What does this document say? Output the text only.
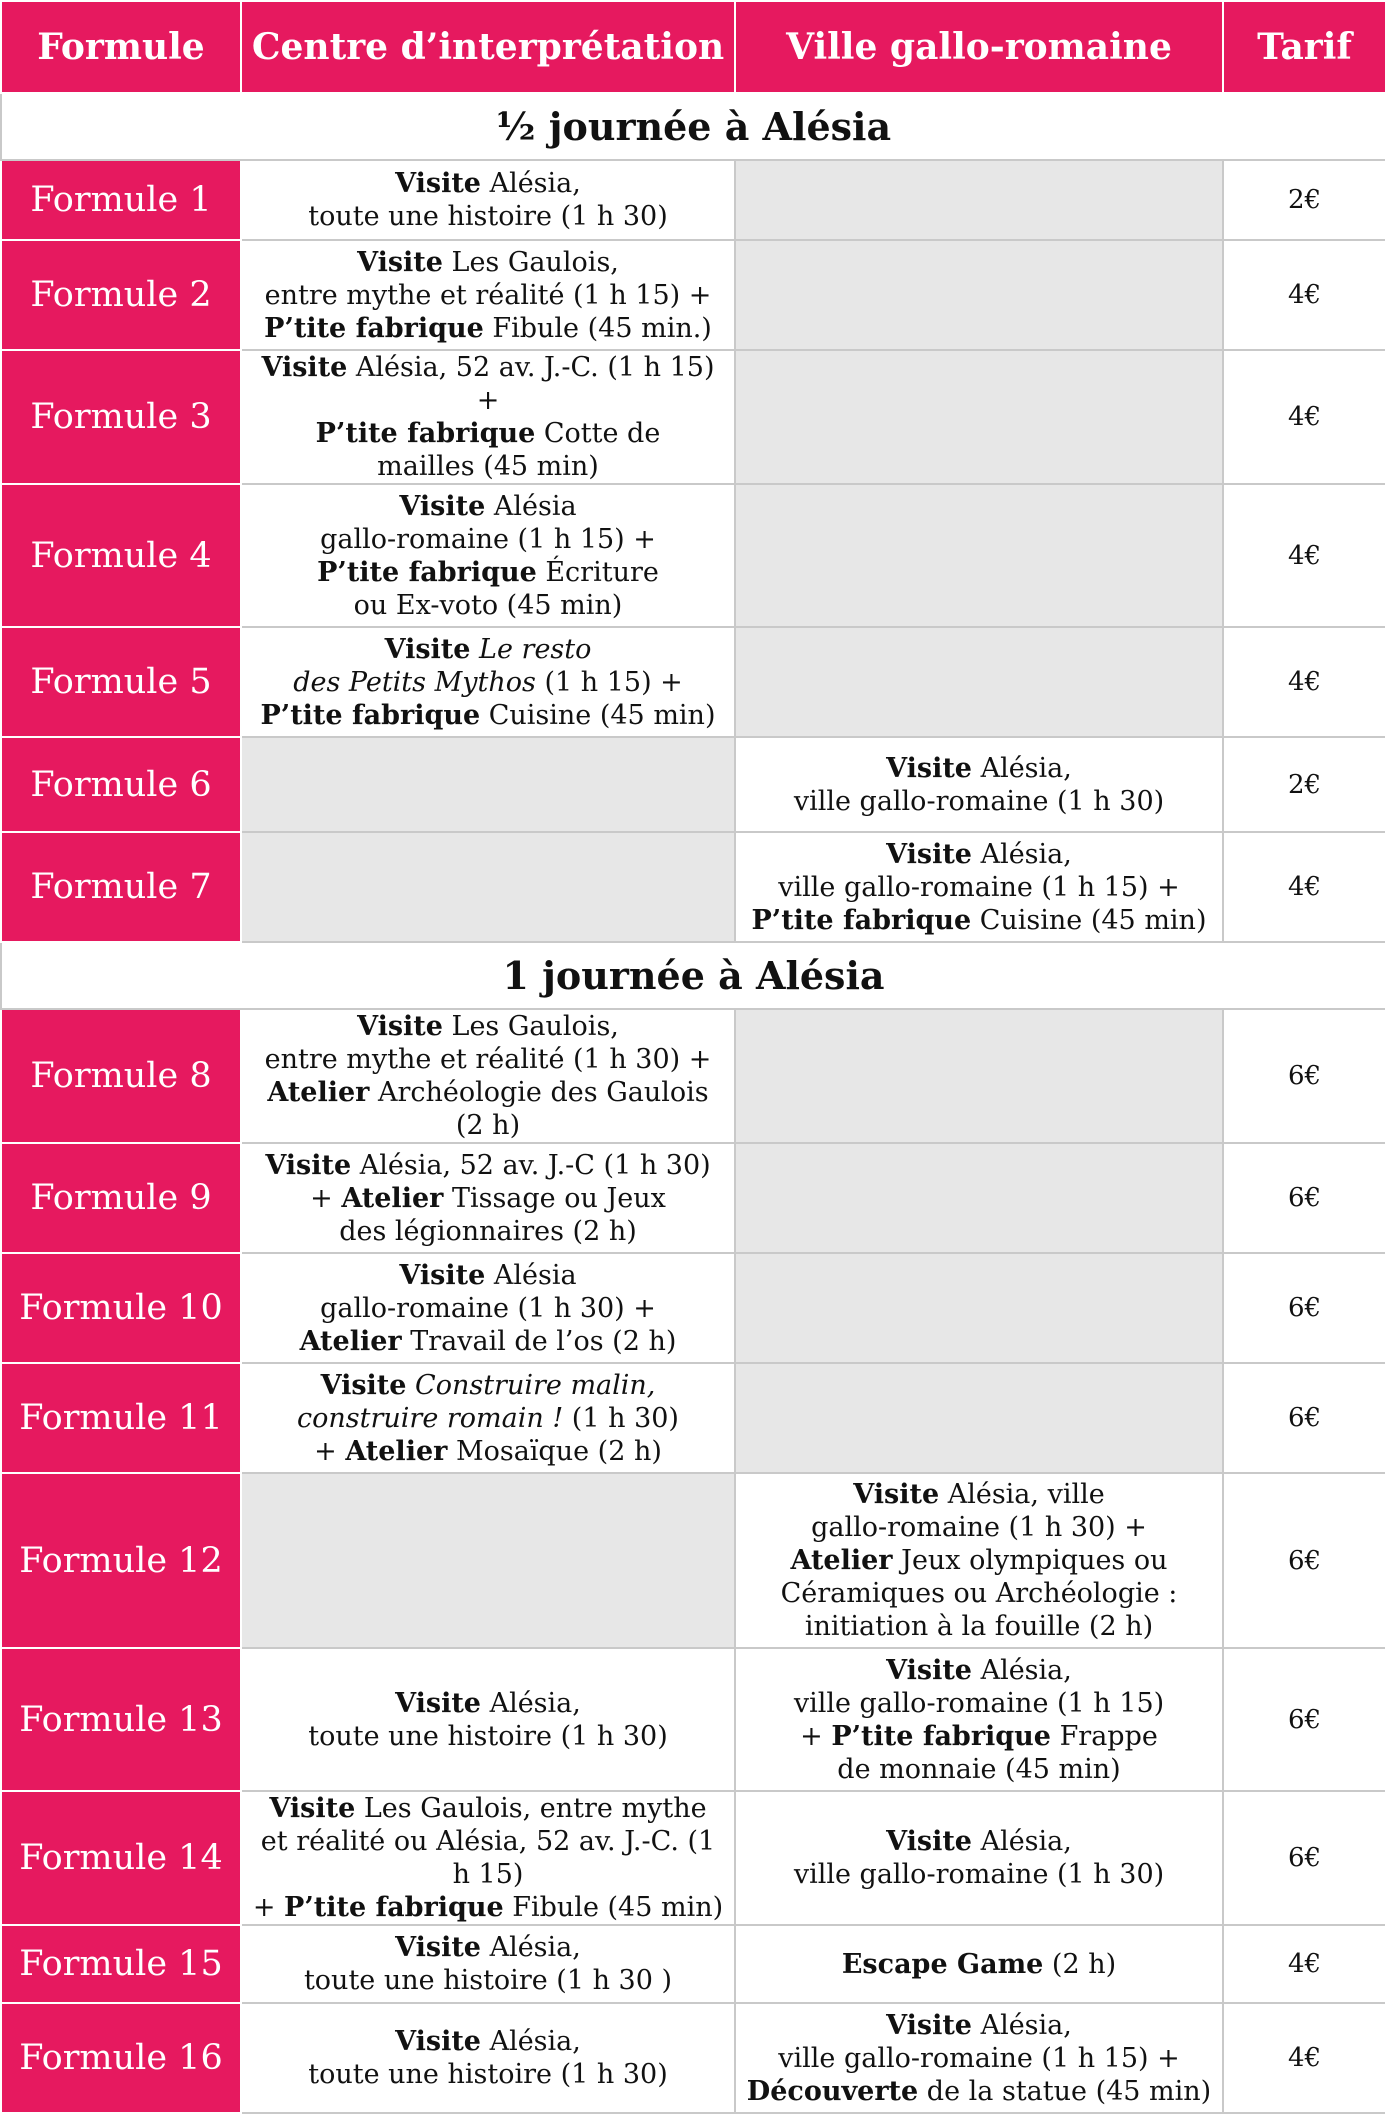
Formule	Centre d’interprétation	Ville gallo-romaine	Tarif
½ journée à Alésia			
Formule 1	Visite Alésia,
toute une histoire (1 h 30)		2€
Formule 2	Visite Les Gaulois,
entre mythe et réalité (1 h 15) +
P’tite fabrique Fibule (45 min.)		4€
Formule 3	Visite Alésia, 52 av. J.-C. (1 h 15) +
P’tite fabrique Cotte de
mailles (45 min)		4€
Formule 4	Visite Alésia
gallo-romaine (1 h 15) +
P’tite fabrique Écriture
ou Ex-voto (45 min)		4€
Formule 5	Visite Le resto
des Petits Mythos (1 h 15) +
P’tite fabrique Cuisine (45 min)		4€
Formule 6		Visite Alésia,
ville gallo-romaine (1 h 30)	2€
Formule 7		Visite Alésia,
ville gallo-romaine (1 h 15) +
P’tite fabrique Cuisine (45 min)	4€
1 journée à Alésia			
Formule 8	Visite Les Gaulois,
entre mythe et réalité (1 h 30) +
Atelier Archéologie des Gaulois (2 h)		6€
Formule 9	Visite Alésia, 52 av. J.-C (1 h 30)
+ Atelier Tissage ou Jeux
des légionnaires (2 h)		6€
Formule 10	Visite Alésia
gallo-romaine (1 h 30) +
Atelier Travail de l’os (2 h)		6€
Formule 11	Visite Construire malin,
construire romain ! (1 h 30)
+ Atelier Mosaïque (2 h)		6€
Formule 12		Visite Alésia, ville
gallo-romaine (1 h 30) +
Atelier Jeux olympiques ou
Céramiques ou Archéologie :
initiation à la fouille (2 h)	6€
Formule 13	Visite Alésia,
toute une histoire (1 h 30)	Visite Alésia,
ville gallo-romaine (1 h 15)
+ P’tite fabrique Frappe
de monnaie (45 min)	6€
Formule 14	Visite Les Gaulois, entre mythe
et réalité ou Alésia, 52 av. J.-C. (1 h 15)
+ P’tite fabrique Fibule (45 min)	Visite Alésia,
ville gallo-romaine (1 h 30)	6€
Formule 15	Visite Alésia,
toute une histoire (1 h 30 )	Escape Game (2 h)	4€
Formule 16	Visite Alésia,
toute une histoire (1 h 30)	Visite Alésia,
ville gallo-romaine (1 h 15) +
Découverte de la statue (45 min)	4€
